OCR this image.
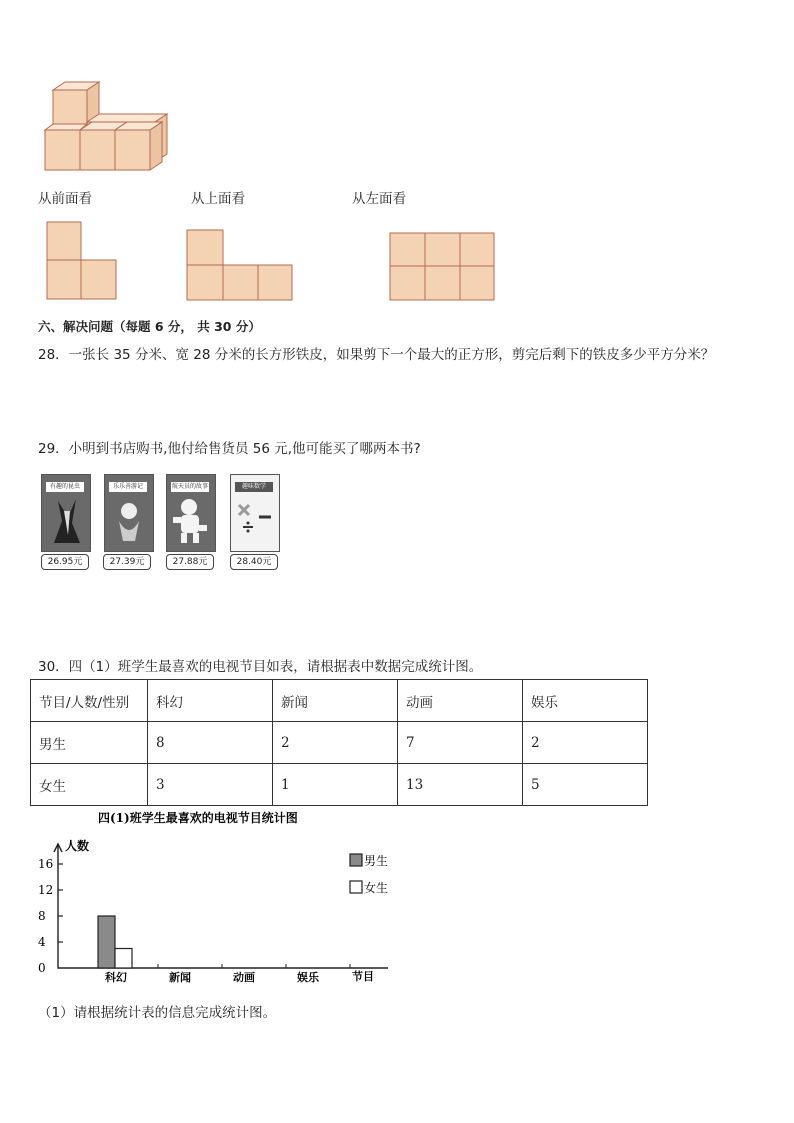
从前面看	从上面看	从左面看
六、解决问题（每题 6 分， 共 30 分）
28．一张长 35 分米、宽 28 分米的长方形铁皮，如果剪下一个最大的正方形，剪完后剩下的铁皮多少平方分米？
29．小明到书店购书,他付给售货员 56 元,他可能买了哪两本书?
有趣的昆虫
26.95元
乐乐善游记
27.39元
航天员的故事
27.88元
趣味数学
28.40元
30．四（1）班学生最喜欢的电视节目如表，请根据表中数据完成统计图。
节目/人数/性别	科幻	新闻	动画	娱乐
男生	8	2	7	2
女生	3	1	13	5
四(1)班学生最喜欢的电视节目统计图
人数
节目
0
4
8
12
16
科幻	新闻	动画	娱乐
男生
女生
（1）请根据统计表的信息完成统计图。
